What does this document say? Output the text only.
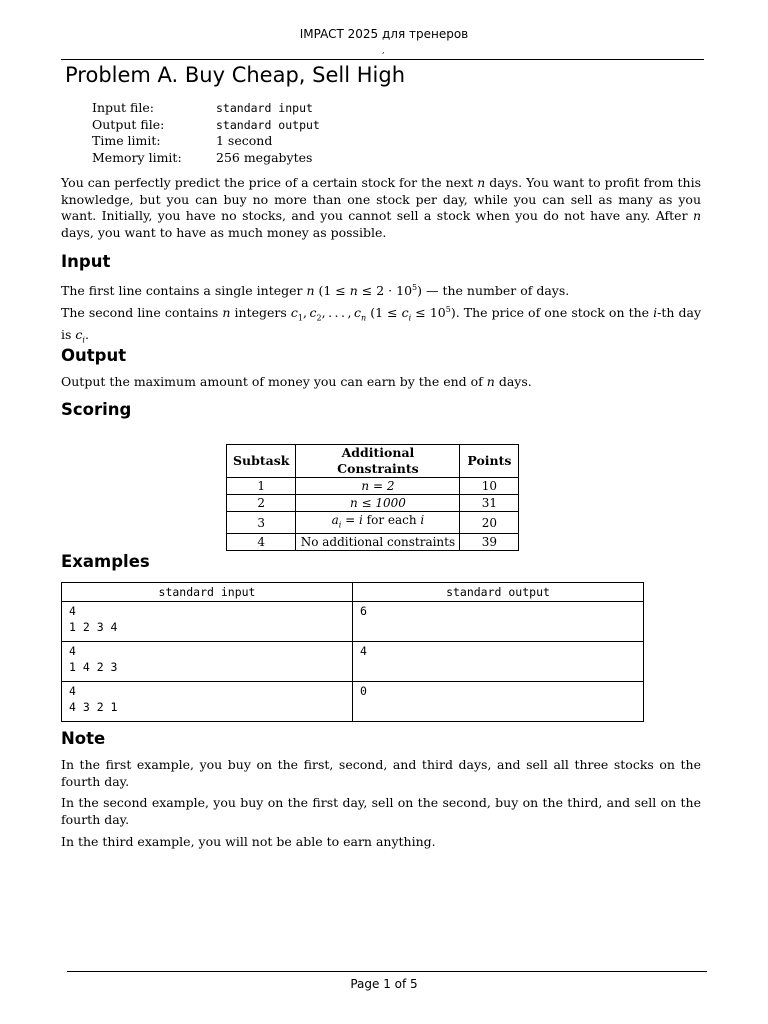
IMPACT 2025 для тренеров
,
Problem A. Buy Cheap, Sell High
Input file:	standard input
Output file:	standard output
Time limit:	1 second
Memory limit:	256 megabytes

You can perfectly predict the price of a certain stock for the next n days. You want to profit from this knowledge, but you can buy no more than one stock per day, while you can sell as many as you want. Initially, you have no stocks, and you cannot sell a stock when you do not have any. After n days, you want to have as much money as possible.

Input

The first line contains a single integer n $(1 \le n \le 2 \cdot 10^5)$ — the number of days.

The second line contains n integers $c_1$, $c_2$, . . . , $c_n$ $(1 \le c_i \le 10^5)$. The price of one stock on the i-th day is $c_i$.

Output

Output the maximum amount of money you can earn by the end of n days.

Scoring
Subtask	Additional Constraints	Points
1	n = 2	10
2	n ≤ 1000	31
3	$a_i = i$ for each i	20
4	No additional constraints	39
Examples
standard input	standard output
4
1 2 3 4	6
4
1 4 2 3	4
4
4 3 2 1	0
Note

In the first example, you buy on the first, second, and third days, and sell all three stocks on the fourth day.

In the second example, you buy on the first day, sell on the second, buy on the third, and sell on the fourth day.

In the third example, you will not be able to earn anything.

Page 1 of 5
